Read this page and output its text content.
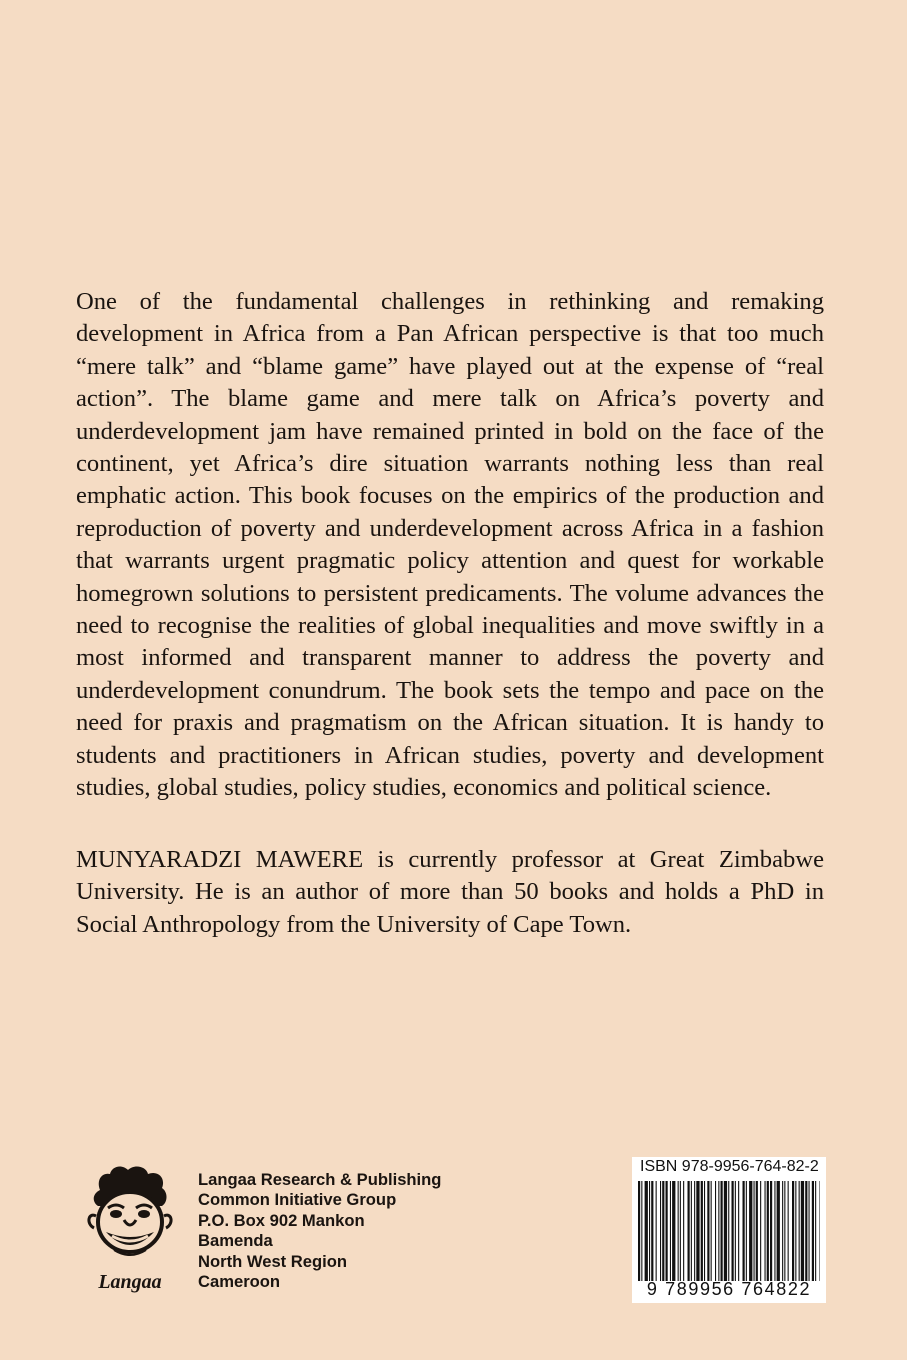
One of the fundamental challenges in rethinking and remaking development in Africa from a Pan African perspective is that too much “mere talk” and “blame game” have played out at the expense of “real action”. The blame game and mere talk on Africa’s poverty and underdevelopment jam have remained printed in bold on the face of the continent, yet Africa’s dire situation warrants nothing less than real emphatic action. This book focuses on the empirics of the production and reproduction of poverty and underdevelopment across Africa in a fashion that warrants urgent pragmatic policy attention and quest for workable homegrown solutions to persistent predicaments. The volume advances the need to recognise the realities of global inequalities and move swiftly in a most informed and transparent manner to address the poverty and underdevelopment conundrum. The book sets the tempo and pace on the need for praxis and pragmatism on the African situation. It is handy to students and practitioners in African studies, poverty and development studies, global studies, policy studies, economics and political science.

MUNYARADZI MAWERE is currently professor at Great Zimbabwe University. He is an author of more than 50 books and holds a PhD in Social Anthropology from the University of Cape Town.

Langaa
Langaa Research & Publishing
Common Initiative Group
P.O. Box 902 Mankon
Bamenda
North West Region
Cameroon
ISBN 978-9956-764-82-2
9 789956 764822
